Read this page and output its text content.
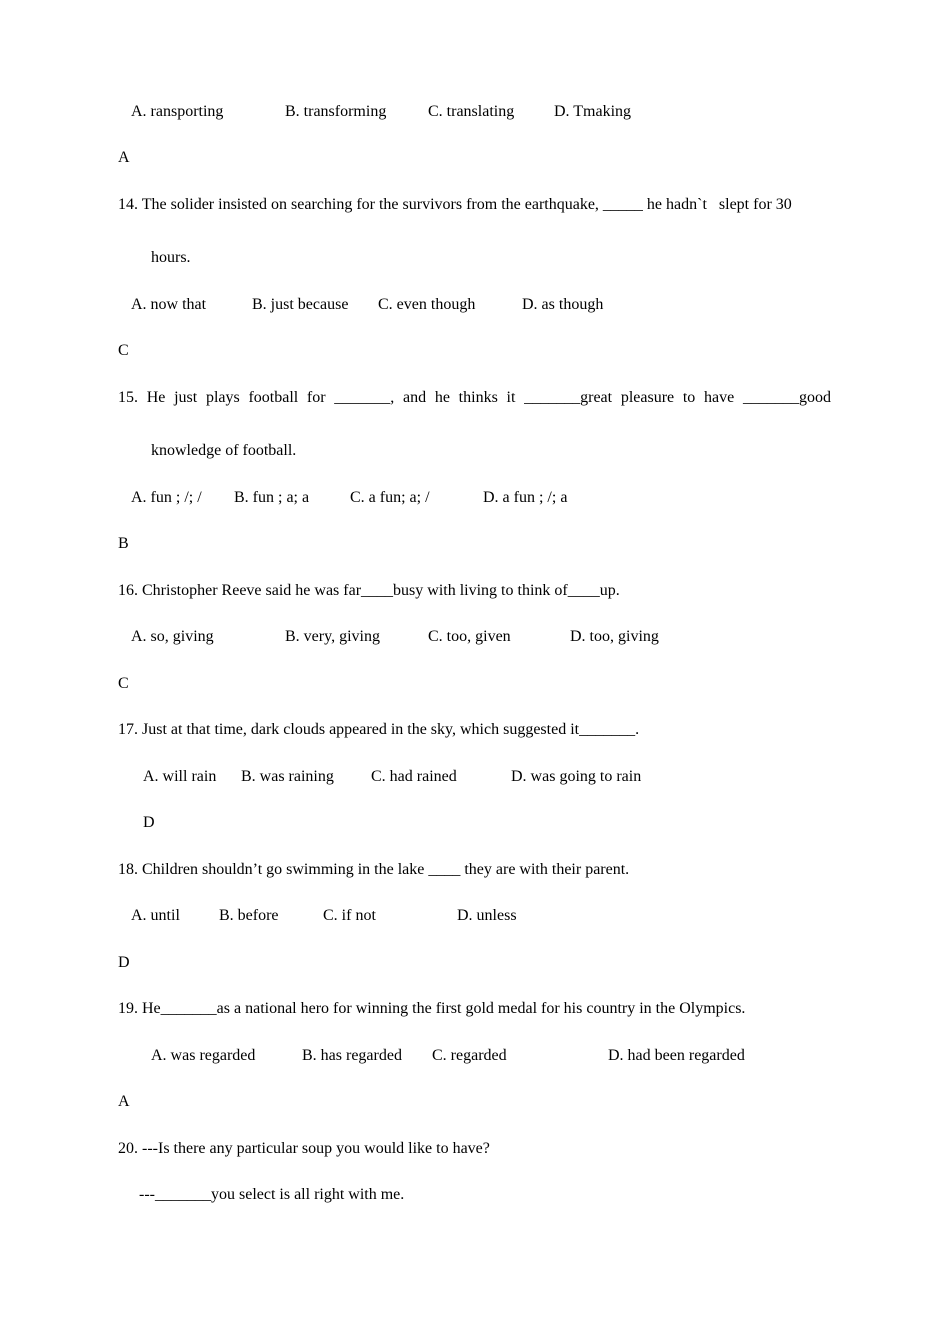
A. ransporting	B. transforming	C. translating D. Tmaking

A

14. The solider insisted on searching for the survivors from the earthquake, _____ he hadn`t   slept for 30

hours.

A. now that	B. just because C. even though	D. as though

C

15. He just plays football for _______, and he thinks it _______great pleasure to have _______good

knowledge of football.

A. fun ; /; / B. fun ; a; a	C. a fun; a; /	D. a fun ; /; a

B

16. Christopher Reeve said he was far____busy with living to think of____up.

A. so, giving	B. very, giving	C. too, given	D. too, giving

C

17. Just at that time, dark clouds appeared in the sky, which suggested it_______.

A. will rain B. was raining C. had rained	D. was going to rain

D

18. Children shouldn’t go swimming in the lake ____ they are with their parent.

A. until B. before	C. if not	D. unless

D

19. He_______as a national hero for winning the first gold medal for his country in the Olympics.

A. was regarded	B. has regarded C. regarded	D. had been regarded

A

20. ---Is there any particular soup you would like to have?

---_______you select is all right with me.
